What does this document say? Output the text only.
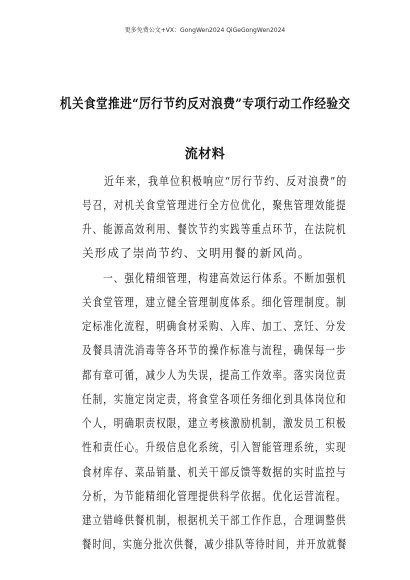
更多免费公文+VX：GongWen2024 QiGeGongWen2024
机关食堂推进“厉行节约反对浪费”专项行动工作经验交
流材料
　　近年来，我单位积极响应“厉行节约、反对浪费”的
号召，对机关食堂管理进行全方位优化，聚焦管理效能提
升、能源高效利用、餐饮节约实践等重点环节，在法院机
关形成了崇尚节约、文明用餐的新风尚。
　　一、强化精细管理，构建高效运行体系。不断加强机
关食堂管理，建立健全管理制度体系。细化管理制度。制
定标准化流程，明确食材采购、入库、加工、烹饪、分发
及餐具清洗消毒等各环节的操作标准与流程，确保每一步
都有章可循，减少人为失误，提高工作效率。落实岗位责
任制，实施定岗定责，将食堂各项任务细化到具体岗位和
个人，明确职责权限，建立考核激励机制，激发员工积极
性和责任心。升级信息化系统，引入智能管理系统，实现
食材库存、菜品销量、机关干部反馈等数据的实时监控与
分析，为节能精细化管理提供科学依据。优化运营流程。
建立错峰供餐机制，根据机关干部工作作息，合理调整供
餐时间，实施分批次供餐，减少排队等待时间，并开放就餐
